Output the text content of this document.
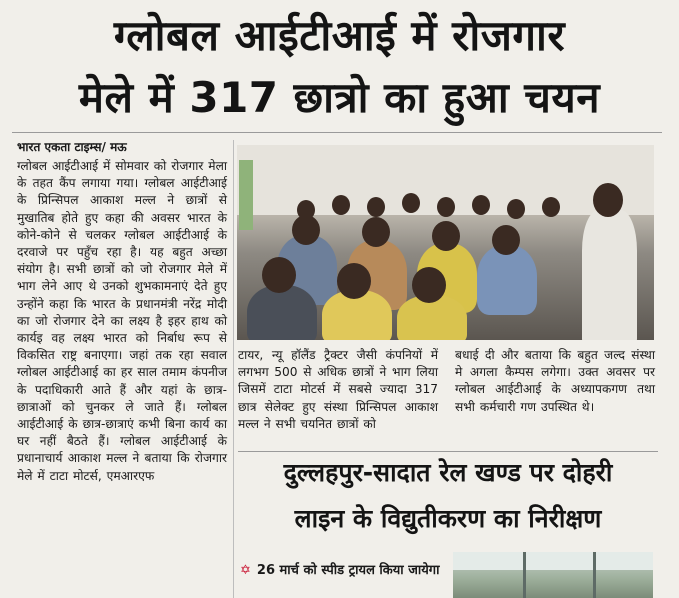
ग्लोबल आईटीआई में रोजगार
मेले में 317 छात्रो का हुआ चयन
भारत एकता टाइम्स/ मऊ
ग्लोबल आईटीआई में सोमवार को रोजगार मेला के तहत कैंप लगाया गया। ग्लोबल आईटीआई के प्रिन्सिपल आकाश मल्ल ने छात्रों से मुखातिब होते हुए कहा की अवसर भारत के कोने-कोने से चलकर ग्लोबल आईटीआई के दरवाजे पर पहुँच रहा है। यह बहुत अच्छा संयोग है। सभी छात्रों को जो रोजगार मेले में भाग लेने आए थे उनको शुभकामनाएं देते हुए उन्होंने कहा कि भारत के प्रधानमंत्री नरेंद्र मोदी का जो रोजगार देने का लक्ष्य है इहर हाथ को कार्यइ वह लक्ष्य भारत को निर्बाध रूप से विकसित राष्ट्र बनाएगा। जहां तक रहा सवाल ग्लोबल आईटीआई का हर साल तमाम कंपनीज के पदाधिकारी आते हैं और यहां के छात्र-छात्राओं को चुनकर ले जाते हैं। ग्लोबल आईटीआई के छात्र-छात्राएं कभी बिना कार्य का घर नहीं बैठते हैं। ग्लोबल आईटीआई के प्रधानाचार्य आकाश मल्ल ने बताया कि रोजगार मेले में टाटा मोटर्स, एमआरएफ
टायर, न्यू हॉलैंड ट्रैक्टर जैसी कंपनियों में लगभग 500 से अधिक छात्रों ने भाग लिया जिसमें टाटा मोटर्स में सबसे ज्यादा 317 छात्र सेलेक्ट हुए संस्था प्रिन्सिपल आकाश मल्ल ने सभी चयनित छात्रों को
बधाई दी और बताया कि बहुत जल्द संस्था मे अगला कैम्पस लगेगा। उक्त अवसर पर ग्लोबल आईटीआई के अध्यापकगण तथा सभी कर्मचारी गण उपस्थित थे।
दुल्लहपुर-सादात रेल खण्ड पर दोहरी
लाइन के विद्युतीकरण का निरीक्षण
✡ 26 मार्च को स्पीड ट्रायल किया जायेगा
